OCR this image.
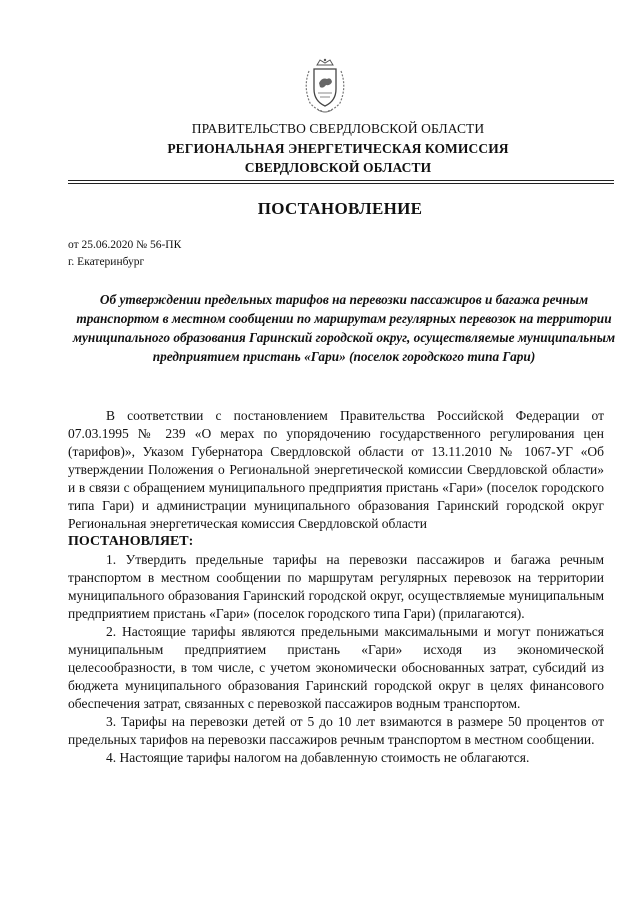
ПРАВИТЕЛЬСТВО СВЕРДЛОВСКОЙ ОБЛАСТИ
РЕГИОНАЛЬНАЯ ЭНЕРГЕТИЧЕСКАЯ КОМИССИЯ
СВЕРДЛОВСКОЙ ОБЛАСТИ
ПОСТАНОВЛЕНИЕ
от 25.06.2020 № 56-ПК
г. Екатеринбург
Об утверждении предельных тарифов на перевозки пассажиров и багажа речным транспортом в местном сообщении по маршрутам регулярных перевозок на территории муниципального образования Гаринский городской округ, осуществляемые муниципальным предприятием пристань «Гари» (поселок городского типа Гари)

В соответствии с постановлением Правительства Российской Федерации от 07.03.1995 № 239 «О мерах по упорядочению государственного регулирования цен (тарифов)», Указом Губернатора Свердловской области от 13.11.2010 № 1067-УГ «Об утверждении Положения о Региональной энергетической комиссии Свердловской области» и в связи с обращением муниципального предприятия пристань «Гари» (поселок городского типа Гари) и администрации муниципального образования Гаринский городской округ Региональная энергетическая комиссия Свердловской области

ПОСТАНОВЛЯЕТ:

1. Утвердить предельные тарифы на перевозки пассажиров и багажа речным транспортом в местном сообщении по маршрутам регулярных перевозок на территории муниципального образования Гаринский городской округ, осуществляемые муниципальным предприятием пристань «Гари» (поселок городского типа Гари) (прилагаются).

2. Настоящие тарифы являются предельными максимальными и могут понижаться муниципальным предприятием пристань «Гари» исходя из экономической целесообразности, в том числе, с учетом экономически обоснованных затрат, субсидий из бюджета муниципального образования Гаринский городской округ в целях финансового обеспечения затрат, связанных с перевозкой пассажиров водным транспортом.

3. Тарифы на перевозки детей от 5 до 10 лет взимаются в размере 50 процентов от предельных тарифов на перевозки пассажиров речным транспортом в местном сообщении.

4. Настоящие тарифы налогом на добавленную стоимость не облагаются.
